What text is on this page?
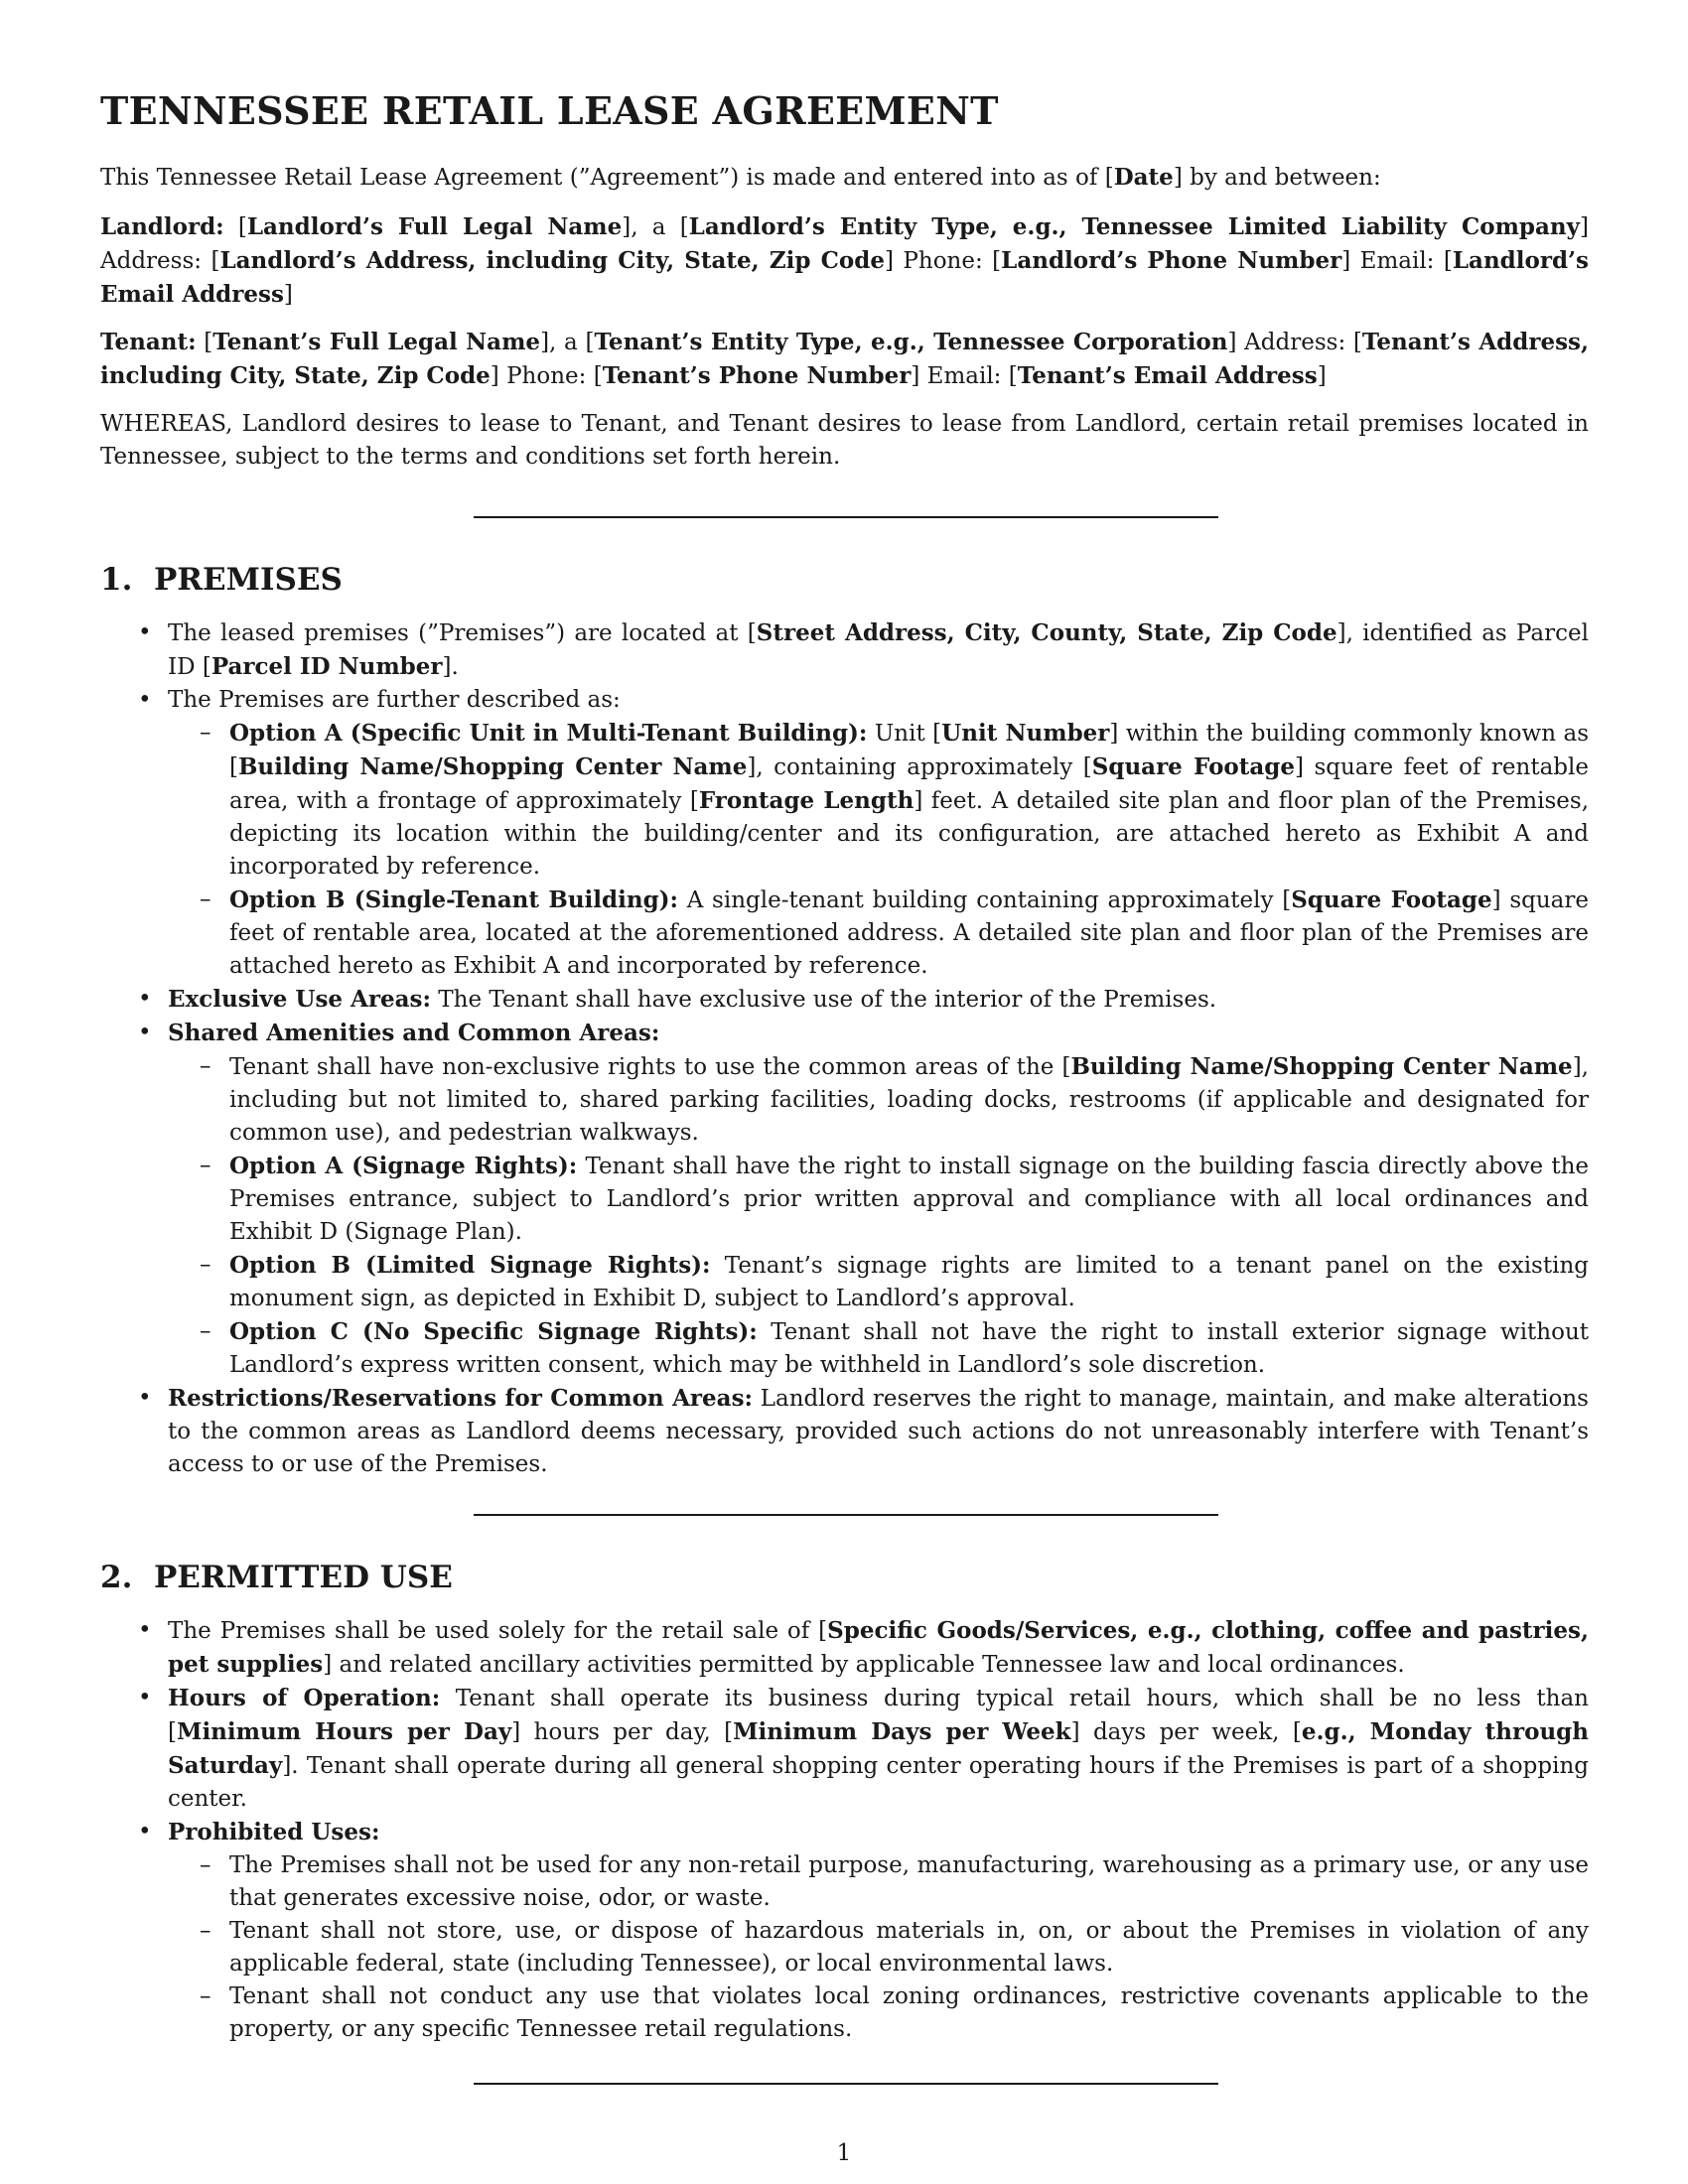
TENNESSEE RETAIL LEASE AGREEMENT

This Tennessee Retail Lease Agreement (”Agreement”) is made and entered into as of [Date] by and between:

Landlord: [Landlord’s Full Legal Name], a [Landlord’s Entity Type, e.g., Tennessee Limited Liability Company] Address: [Landlord’s Address, including City, State, Zip Code] Phone: [Landlord’s Phone Number] Email: [Landlord’s Email Address]

Tenant: [Tenant’s Full Legal Name], a [Tenant’s Entity Type, e.g., Tennessee Corporation] Address: [Tenant’s Address, including City, State, Zip Code] Phone: [Tenant’s Phone Number] Email: [Tenant’s Email Address]

WHEREAS, Landlord desires to lease to Tenant, and Tenant desires to lease from Landlord, certain retail premises located in Tennessee, subject to the terms and conditions set forth herein.

1.  PREMISES
• The leased premises (”Premises”) are located at [Street Address, City, County, State, Zip Code], identified as Parcel ID [Parcel ID Number].
• The Premises are further described as:
– Option A (Specific Unit in Multi-Tenant Building): Unit [Unit Number] within the building commonly known as [Building Name/Shopping Center Name], containing approximately [Square Footage] square feet of rentable area, with a frontage of approximately [Frontage Length] feet. A detailed site plan and floor plan of the Premises, depicting its location within the building/center and its configuration, are attached hereto as Exhibit A and incorporated by reference.
– Option B (Single-Tenant Building): A single-tenant building containing approximately [Square Footage] square feet of rentable area, located at the aforementioned address. A detailed site plan and floor plan of the Premises are attached hereto as Exhibit A and incorporated by reference.
• Exclusive Use Areas: The Tenant shall have exclusive use of the interior of the Premises.
• Shared Amenities and Common Areas:
– Tenant shall have non-exclusive rights to use the common areas of the [Building Name/Shopping Center Name], including but not limited to, shared parking facilities, loading docks, restrooms (if applicable and designated for common use), and pedestrian walkways.
– Option A (Signage Rights): Tenant shall have the right to install signage on the building fascia directly above the Premises entrance, subject to Landlord’s prior written approval and compliance with all local ordinances and Exhibit D (Signage Plan).
– Option B (Limited Signage Rights): Tenant’s signage rights are limited to a tenant panel on the existing monument sign, as depicted in Exhibit D, subject to Landlord’s approval.
– Option C (No Specific Signage Rights): Tenant shall not have the right to install exterior signage without Landlord’s express written consent, which may be withheld in Landlord’s sole discretion.
• Restrictions/Reservations for Common Areas: Landlord reserves the right to manage, maintain, and make alterations to the common areas as Landlord deems necessary, provided such actions do not unreasonably interfere with Tenant’s access to or use of the Premises.
2.  PERMITTED USE
• The Premises shall be used solely for the retail sale of [Specific Goods/Services, e.g., clothing, coffee and pastries, pet supplies] and related ancillary activities permitted by applicable Tennessee law and local ordinances.
• Hours of Operation: Tenant shall operate its business during typical retail hours, which shall be no less than [Minimum Hours per Day] hours per day, [Minimum Days per Week] days per week, [e.g., Monday through Saturday]. Tenant shall operate during all general shopping center operating hours if the Premises is part of a shopping center.
• Prohibited Uses:
– The Premises shall not be used for any non-retail purpose, manufacturing, warehousing as a primary use, or any use that generates excessive noise, odor, or waste.
– Tenant shall not store, use, or dispose of hazardous materials in, on, or about the Premises in violation of any applicable federal, state (including Tennessee), or local environmental laws.
– Tenant shall not conduct any use that violates local zoning ordinances, restrictive covenants applicable to the property, or any specific Tennessee retail regulations.
1
